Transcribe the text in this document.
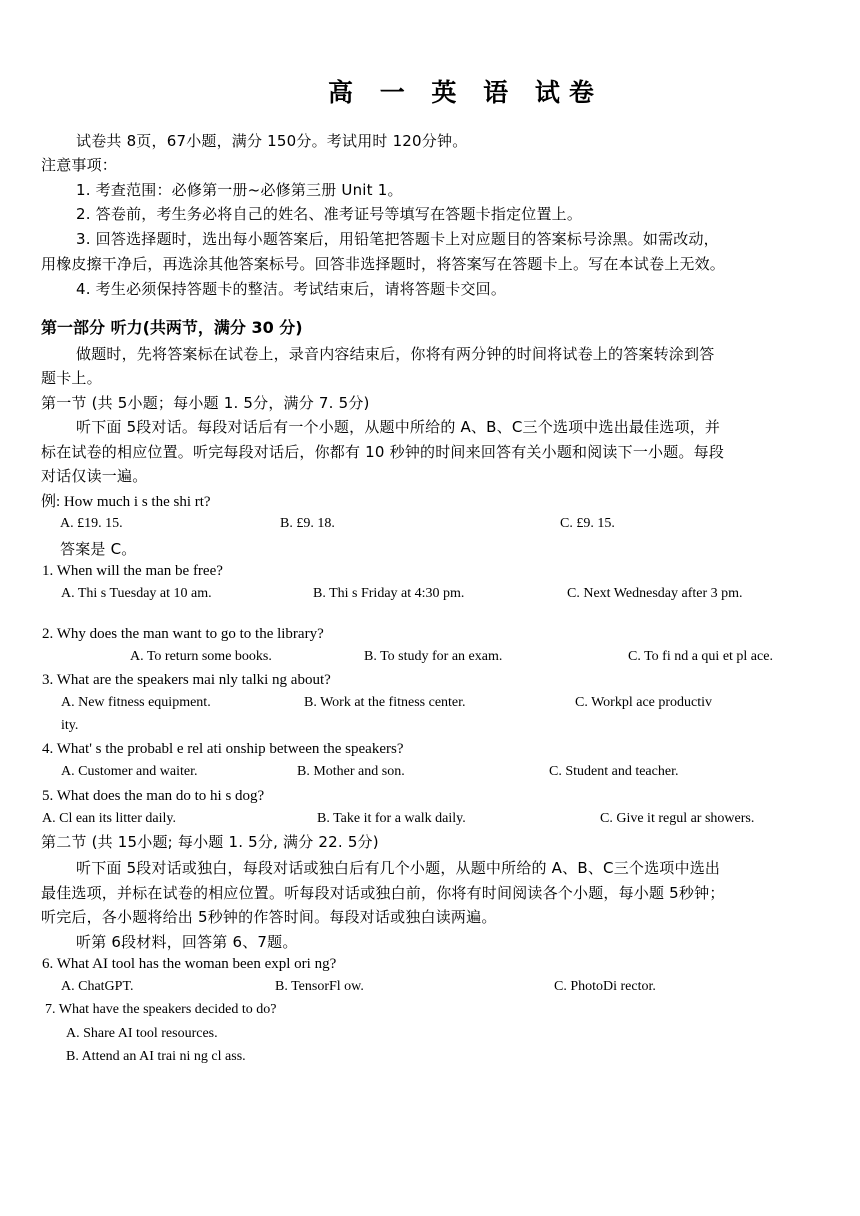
高 一 英 语 试卷
试卷共 8页，67小题，满分 150分。考试用时 120分钟。
注意事项：
1. 考查范围：必修第一册~必修第三册 Unit 1。
2. 答卷前，考生务必将自己的姓名、准考证号等填写在答题卡指定位置上。
3. 回答选择题时，选出每小题答案后，用铅笔把答题卡上对应题目的答案标号涂黑。如需改动，
用橡皮擦干净后，再选涂其他答案标号。回答非选择题时，将答案写在答题卡上。写在本试卷上无效。
4. 考生必须保持答题卡的整洁。考试结束后，请将答题卡交回。
第一部分 听力(共两节，满分 30 分)
做题时，先将答案标在试卷上，录音内容结束后，你将有两分钟的时间将试卷上的答案转涂到答
题卡上。
第一节 (共 5小题；每小题 1. 5分，满分 7. 5分)
听下面 5段对话。每段对话后有一个小题，从题中所给的 A、B、C三个选项中选出最佳选项，并
标在试卷的相应位置。听完每段对话后，你都有 10 秒钟的时间来回答有关小题和阅读下一小题。每段
对话仅读一遍。
例: How much i s the shi rt?
A. £19. 15.	B. £9. 18.	C. £9. 15.
答案是 C。
1. When will the man be free?
A. Thi s Tuesday at 10 am.	B. Thi s Friday at 4:30 pm.	C. Next Wednesday after 3 pm.
2. Why does the man want to go to the library?
A. To return some books.	B. To study for an exam.	C. To fi nd a qui et pl ace.
3. What are the speakers mai nly talki ng about?
A. New fitness equipment.	B. Work at the fitness center.	C. Workpl ace productiv
ity.
4. What' s the probabl e rel ati onship between the speakers?
A. Customer and waiter.	B. Mother and son.	C. Student and teacher.
5. What does the man do to hi s dog?
A. Cl ean its litter daily.	B. Take it for a walk daily.	C. Give it regul ar showers.
第二节 (共 15小题; 每小题 1. 5分, 满分 22. 5分)
听下面 5段对话或独白，每段对话或独白后有几个小题，从题中所给的 A、B、C三个选项中选出
最佳选项，并标在试卷的相应位置。听每段对话或独白前，你将有时间阅读各个小题，每小题 5秒钟；
听完后，各小题将给出 5秒钟的作答时间。每段对话或独白读两遍。
听第 6段材料，回答第 6、7题。
6. What AI tool has the woman been expl ori ng?
A. ChatGPT.	B. TensorFl ow.	C. PhotoDi rector.
7. What have the speakers decided to do?
A. Share AI tool resources.
B. Attend an AI trai ni ng cl ass.
